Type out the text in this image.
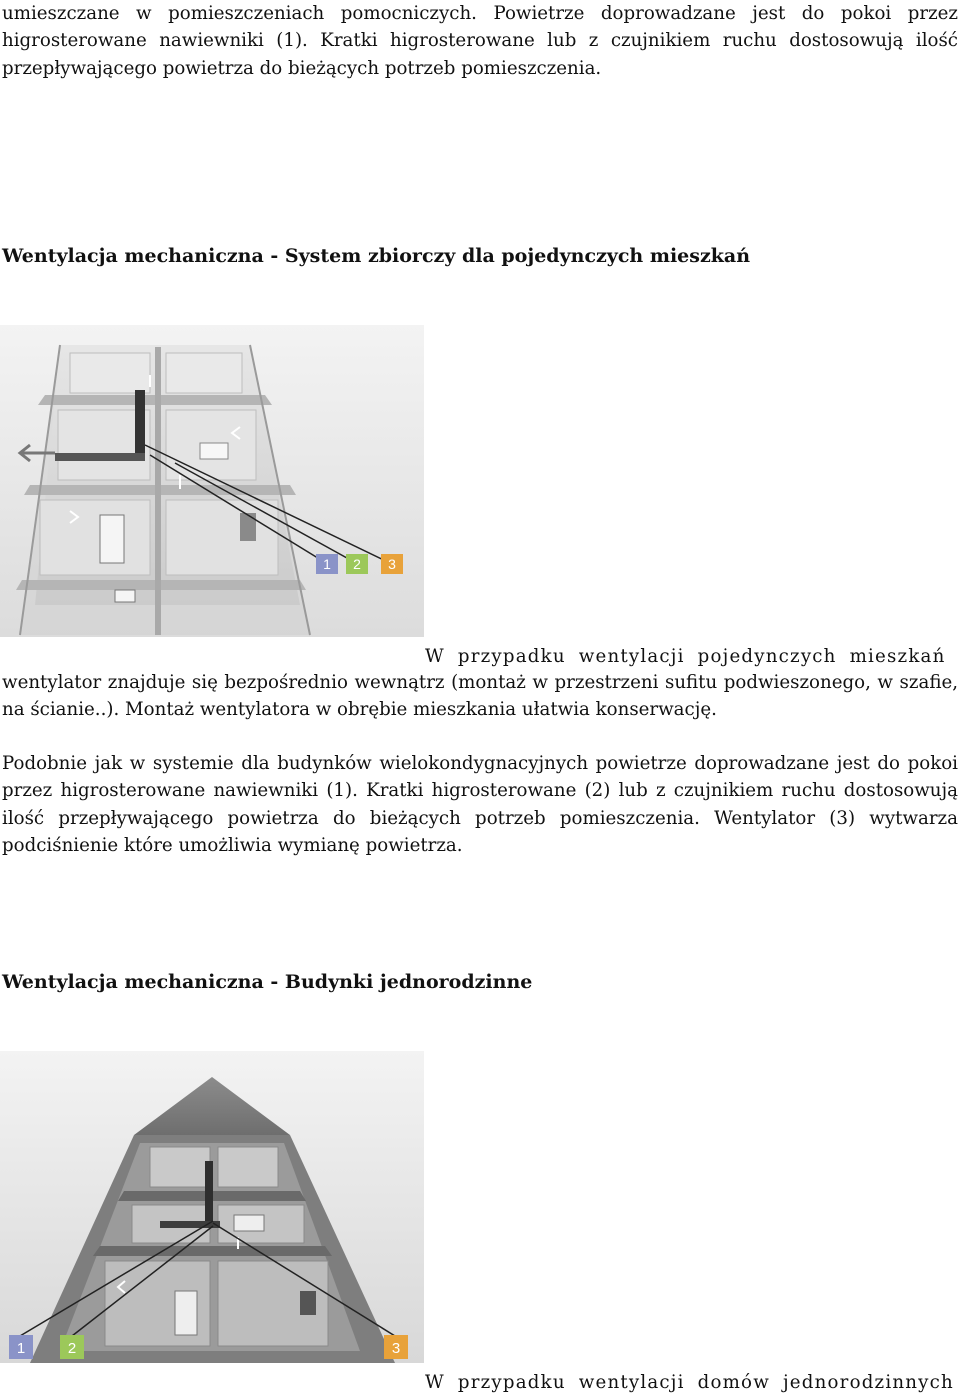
umieszczane w pomieszczeniach pomocniczych. Powietrze doprowadzane jest do pokoi przez higrosterowane nawiewniki (1). Kratki higrosterowane lub z czujnikiem ruchu dostosowują ilość przepływającego powietrza do bieżących potrzeb pomieszczenia.

Wentylacja mechaniczna - System zbiorczy dla pojedynczych mieszkań
1 2 3

W przypadku wentylacji pojedynczych mieszkań

wentylator znajduje się bezpośrednio wewnątrz (montaż w przestrzeni sufitu podwieszonego, w szafie, na ścianie..). Montaż wentylatora w obrębie mieszkania ułatwia konserwację.

Podobnie jak w systemie dla budynków wielokondygnacyjnych powietrze doprowadzane jest do pokoi przez higrosterowane nawiewniki (1). Kratki higrosterowane (2) lub z czujnikiem ruchu dostosowują ilość przepływającego powietrza do bieżących potrzeb pomieszczenia. Wentylator (3) wytwarza podciśnienie które umożliwia wymianę powietrza.

Wentylacja mechaniczna - Budynki jednorodzinne
1	2	3

W przypadku wentylacji domów jednorodzinnych
